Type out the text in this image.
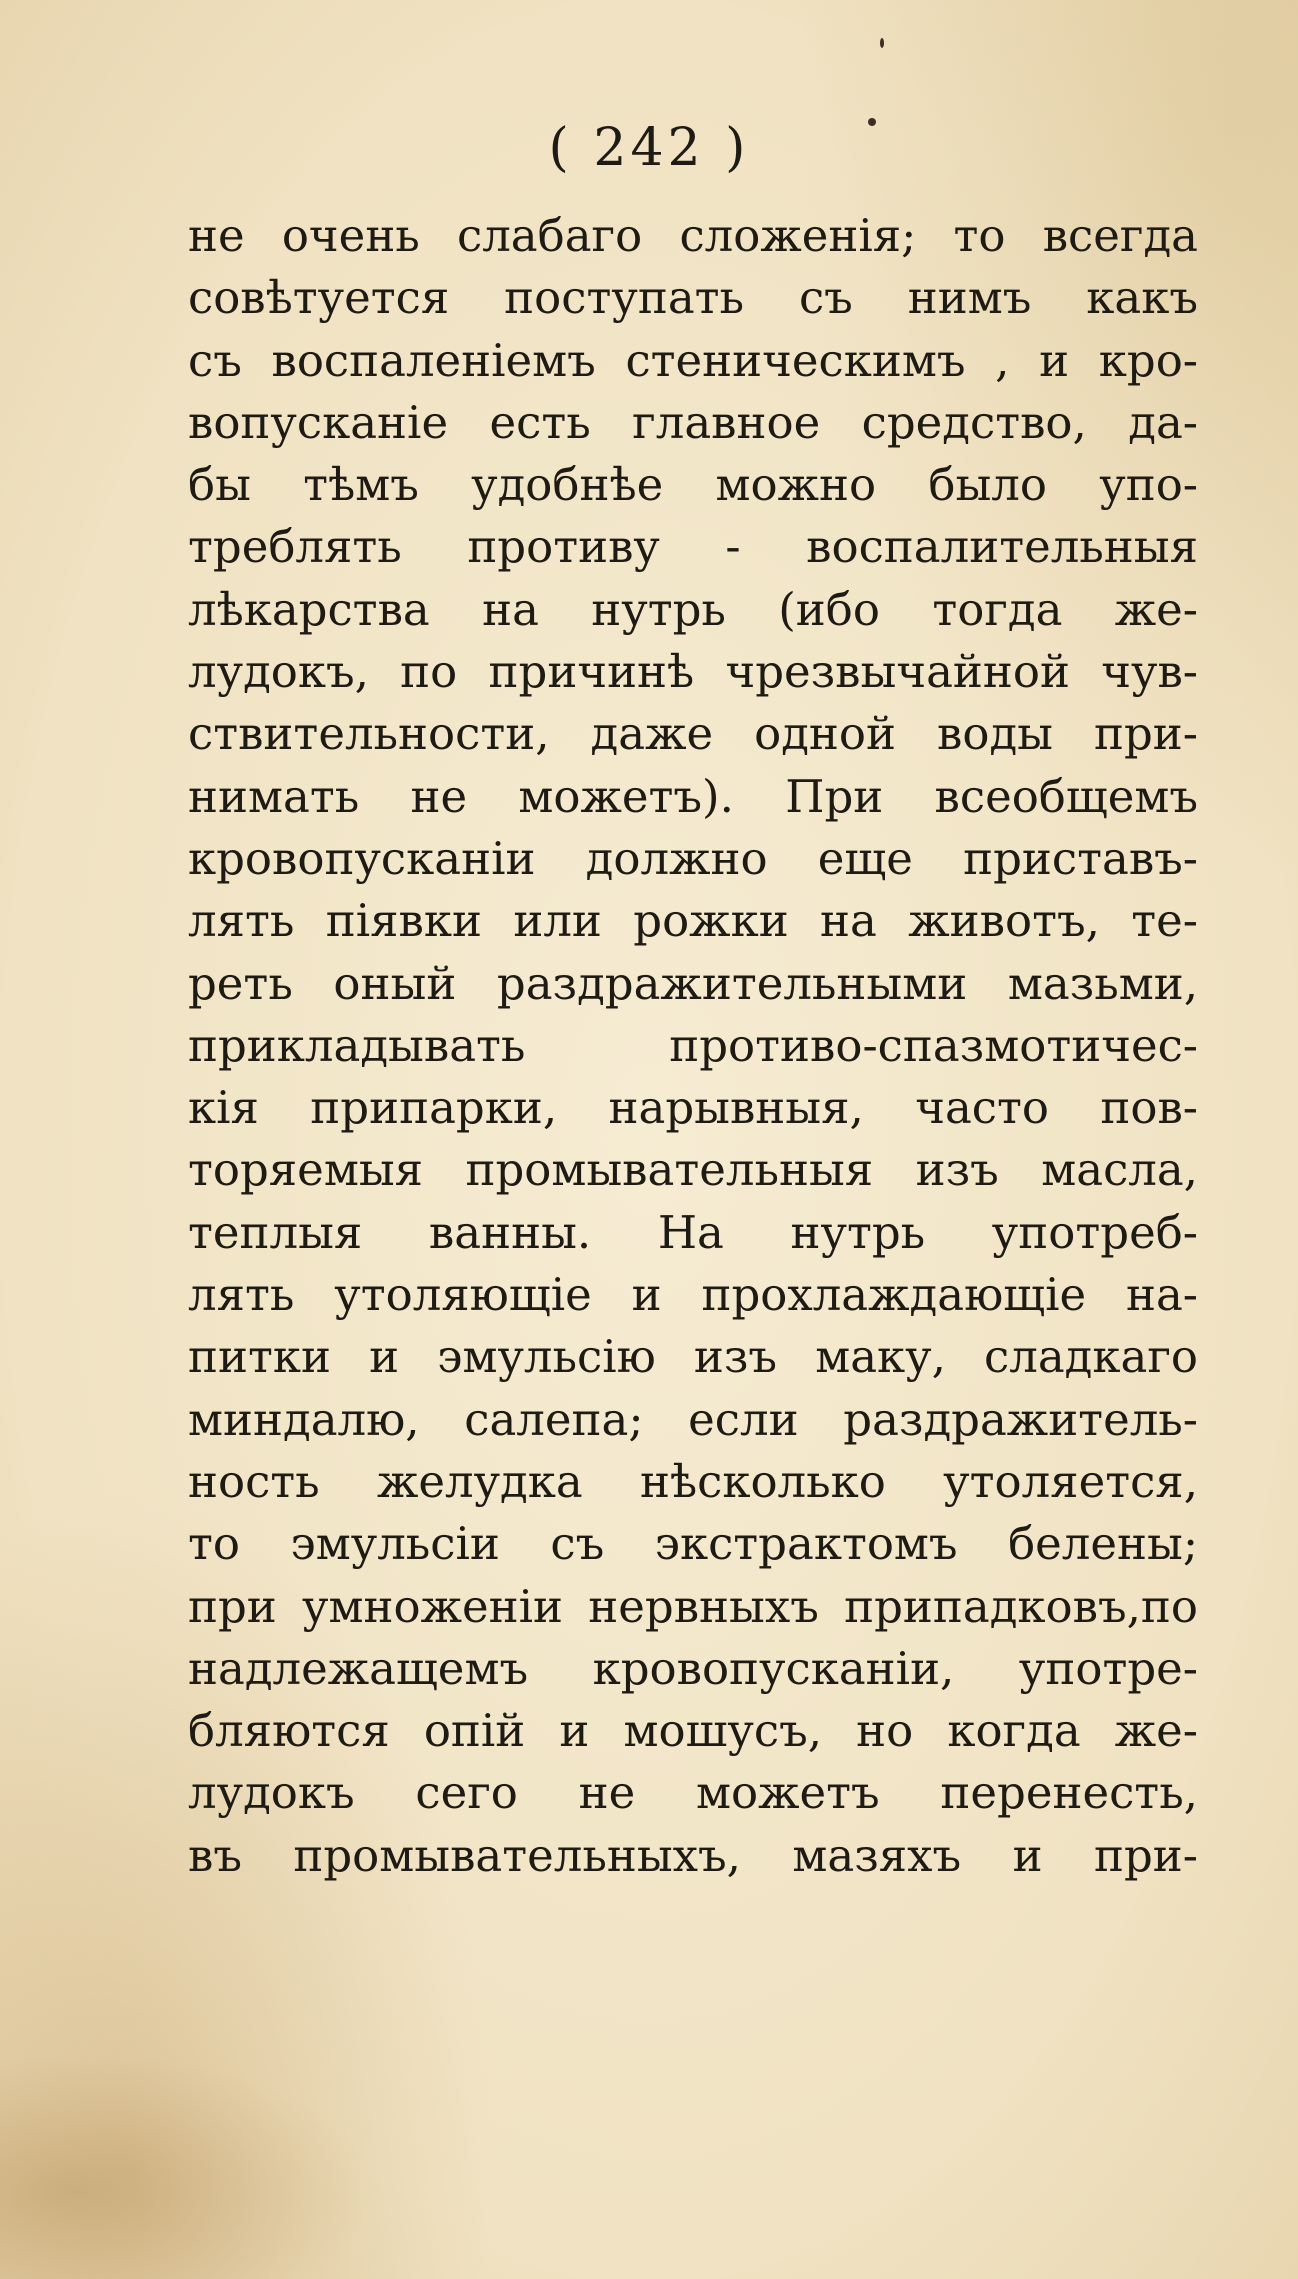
( 242 )
не очень слабаго сложенiя; то всегда
совѣтуется поступать съ нимъ какъ
съ воспаленiемъ стеническимъ , и кро-
вопусканiе есть главное средство, да-
бы тѣмъ удобнѣе можно было упо-
треблять противу - воспалительныя
лѣкарства на нутрь (ибо тогда же-
лудокъ, по причинѣ чрезвычайной чув-
ствительности, даже одной воды при-
нимать не можетъ). При всеобщемъ
кровопусканiи должно еще приставъ-
лять пiявки или рожки на животъ, те-
реть оный раздражительными мазьми,
прикладывать противо-спазмотичес-
кiя припарки, нарывныя, часто пов-
торяемыя промывательныя изъ масла,
теплыя ванны. На нутрь употреб-
лять утоляющiе и прохлаждающiе на-
питки и эмульсiю изъ маку, сладкаго
миндалю, салепа; если раздражитель-
ность желудка нѣсколько утоляется,
то эмульсiи съ экстрактомъ белены;
при умноженiи нервныхъ припадковъ,по
надлежащемъ кровопусканiи, употре-
бляются опiй и мошусъ, но когда же-
лудокъ сего не можетъ перенесть,
въ промывательныхъ, мазяхъ и при-
